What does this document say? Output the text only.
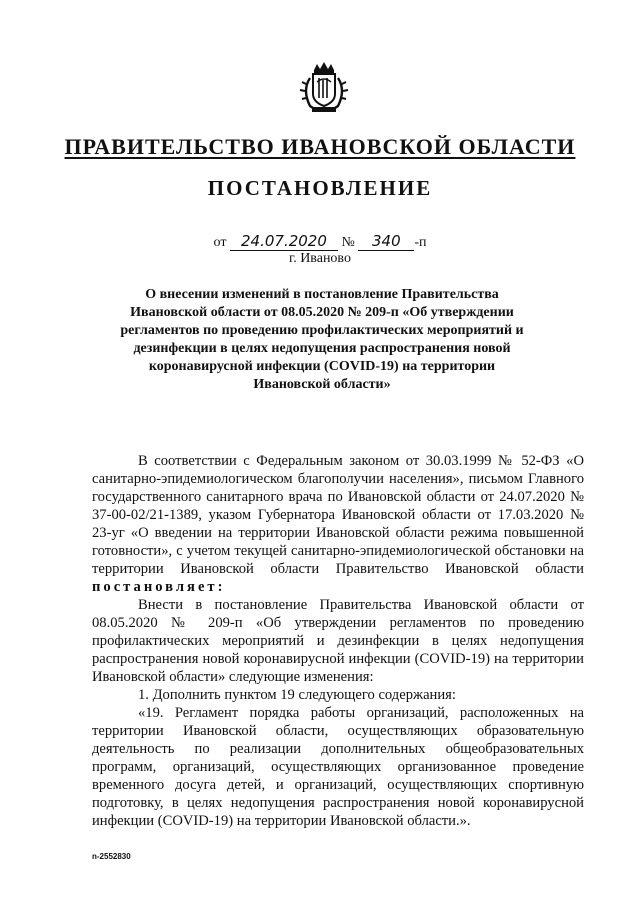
ПРАВИТЕЛЬСТВО ИВАНОВСКОЙ ОБЛАСТИ
ПОСТАНОВЛЕНИЕ
от 24.07.2020 № 340 -п
г. Иваново
О внесении изменений в постановление Правительства Ивановской области от 08.05.2020 № 209-п «Об утверждении регламентов по проведению профилактических мероприятий и дезинфекции в целях недопущения распространения новой коронавирусной инфекции (COVID-19) на территории Ивановской области»

В соответствии с Федеральным законом от 30.03.1999 № 52-ФЗ «О санитарно-эпидемиологическом благополучии населения», письмом Главного государственного санитарного врача по Ивановской области от 24.07.2020 № 37-00-02/21-1389, указом Губернатора Ивановской области от 17.03.2020 № 23-уг «О введении на территории Ивановской области режима повышенной готовности», с учетом текущей санитарно-эпидемиологической обстановки на территории Ивановской области Правительство Ивановской области постановляет:

Внести в постановление Правительства Ивановской области от 08.05.2020 № 209-п «Об утверждении регламентов по проведению профилактических мероприятий и дезинфекции в целях недопущения распространения новой коронавирусной инфекции (COVID-19) на территории Ивановской области» следующие изменения:

1. Дополнить пунктом 19 следующего содержания:

«19. Регламент порядка работы организаций, расположенных на территории Ивановской области, осуществляющих образовательную деятельность по реализации дополнительных общеобразовательных программ, организаций, осуществляющих организованное проведение временного досуга детей, и организаций, осуществляющих спортивную подготовку, в целях недопущения распространения новой коронавирусной инфекции (COVID-19) на территории Ивановской области.».

n-2552830
